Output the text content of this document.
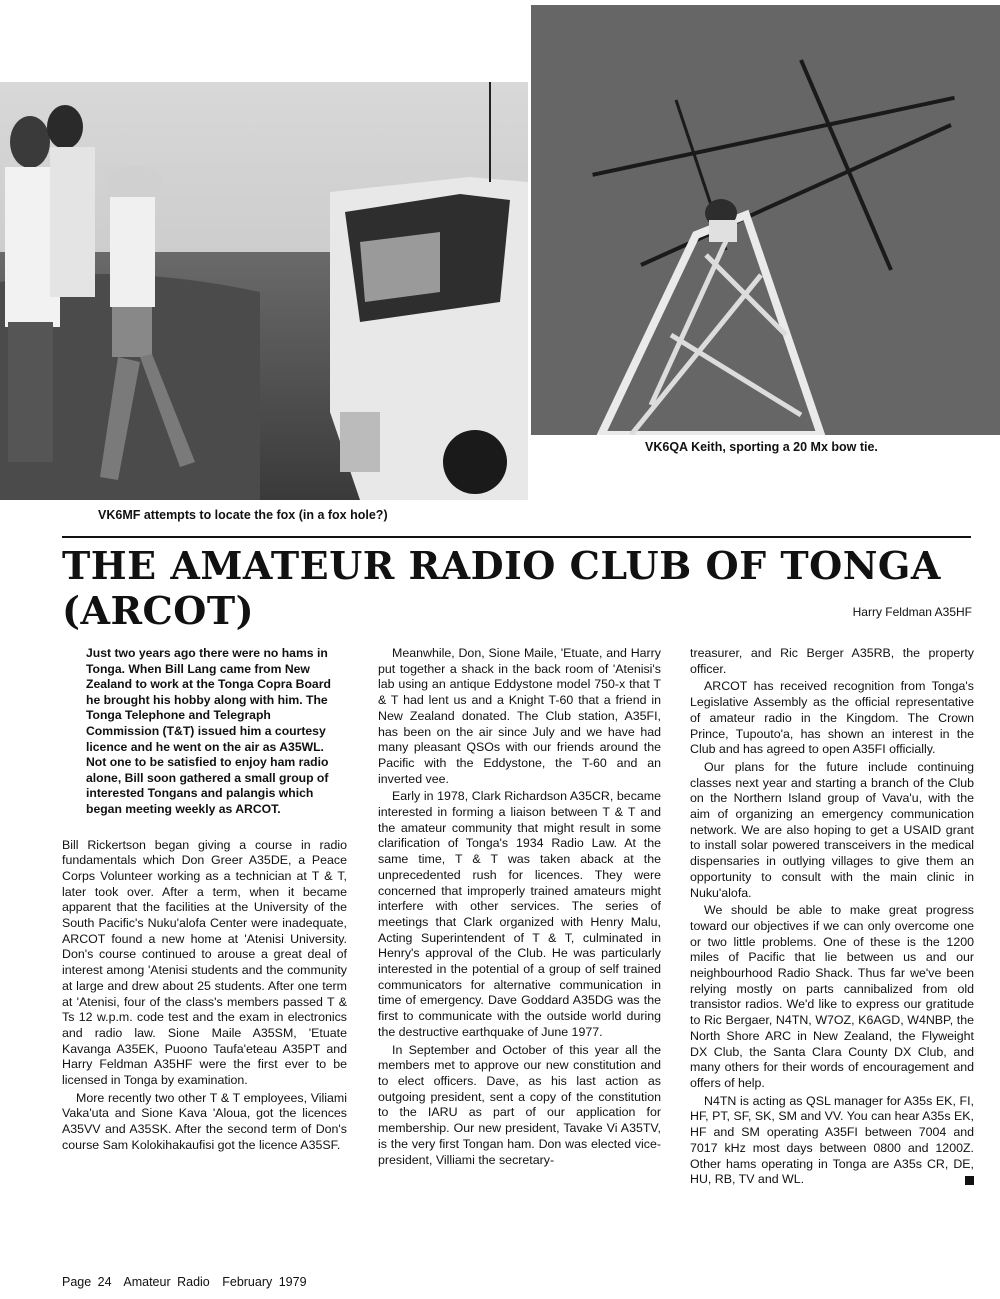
VK6MF attempts to locate the fox (in a fox hole?)
VK6QA Keith, sporting a 20 Mx bow tie.
THE AMATEUR RADIO CLUB OF TONGA
(ARCOT)	Harry Feldman A35HF

Just two years ago there were no hams in Tonga. When Bill Lang came from New Zealand to work at the Tonga Copra Board he brought his hobby along with him. The Tonga Telephone and Telegraph Commission (T&T) issued him a courtesy licence and he went on the air as A35WL. Not one to be satisfied to enjoy ham radio alone, Bill soon gathered a small group of interested Tongans and palangis which began meeting weekly as ARCOT.

Bill Rickertson began giving a course in radio fundamentals which Don Greer A35DE, a Peace Corps Volunteer working as a technician at T & T, later took over. After a term, when it became apparent that the facilities at the University of the South Pacific's Nuku'alofa Center were inadequate, ARCOT found a new home at 'Atenisi University. Don's course continued to arouse a great deal of interest among 'Atenisi students and the community at large and drew about 25 students. After one term at 'Atenisi, four of the class's members passed T & Ts 12 w.p.m. code test and the exam in electronics and radio law. Sione Maile A35SM, 'Etuate Kavanga A35EK, Puoono Taufa'eteau A35PT and Harry Feldman A35HF were the first ever to be licensed in Tonga by examination.

More recently two other T & T employees, Viliami Vaka'uta and Sione Kava 'Aloua, got the licences A35VV and A35SK. After the second term of Don's course Sam Kolokihakaufisi got the licence A35SF.

Meanwhile, Don, Sione Maile, 'Etuate, and Harry put together a shack in the back room of 'Atenisi's lab using an antique Eddystone model 750-x that T & T had lent us and a Knight T-60 that a friend in New Zealand donated. The Club station, A35FI, has been on the air since July and we have had many pleasant QSOs with our friends around the Pacific with the Eddystone, the T-60 and an inverted vee.

Early in 1978, Clark Richardson A35CR, became interested in forming a liaison between T & T and the amateur community that might result in some clarification of Tonga's 1934 Radio Law. At the same time, T & T was taken aback at the unprecedented rush for licences. They were concerned that improperly trained amateurs might interfere with other services. The series of meetings that Clark organized with Henry Malu, Acting Superintendent of T & T, culminated in Henry's approval of the Club. He was particularly interested in the potential of a group of self trained communicators for alternative communication in time of emergency. Dave Goddard A35DG was the first to communicate with the outside world during the destructive earthquake of June 1977.

In September and October of this year all the members met to approve our new constitution and to elect officers. Dave, as his last action as outgoing president, sent a copy of the constitution to the IARU as part of our application for membership. Our new president, Tavake Vi A35TV, is the very first Tongan ham. Don was elected vice-president, Villiami the secretary-

treasurer, and Ric Berger A35RB, the property officer.

ARCOT has received recognition from Tonga's Legislative Assembly as the official representative of amateur radio in the Kingdom. The Crown Prince, Tupouto'a, has shown an interest in the Club and has agreed to open A35FI officially.

Our plans for the future include continuing classes next year and starting a branch of the Club on the Northern Island group of Vava'u, with the aim of organizing an emergency communication network. We are also hoping to get a USAID grant to install solar powered transceivers in the medical dispensaries in outlying villages to give them an opportunity to consult with the main clinic in Nuku'alofa.

We should be able to make great progress toward our objectives if we can only overcome one or two little problems. One of these is the 1200 miles of Pacific that lie between us and our neighbourhood Radio Shack. Thus far we've been relying mostly on parts cannibalized from old transistor radios. We'd like to express our gratitude to Ric Bergaer, N4TN, W7OZ, K6AGD, W4NBP, the North Shore ARC in New Zealand, the Flyweight DX Club, the Santa Clara County DX Club, and many others for their words of encouragement and offers of help.

N4TN is acting as QSL manager for A35s EK, FI, HF, PT, SF, SK, SM and VV. You can hear A35s EK, HF and SM operating A35FI between 7004 and 7017 kHz most days between 0800 and 1200Z. Other hams operating in Tonga are A35s CR, DE, HU, RB, TV and WL.

Page 24 Amateur Radio February 1979
